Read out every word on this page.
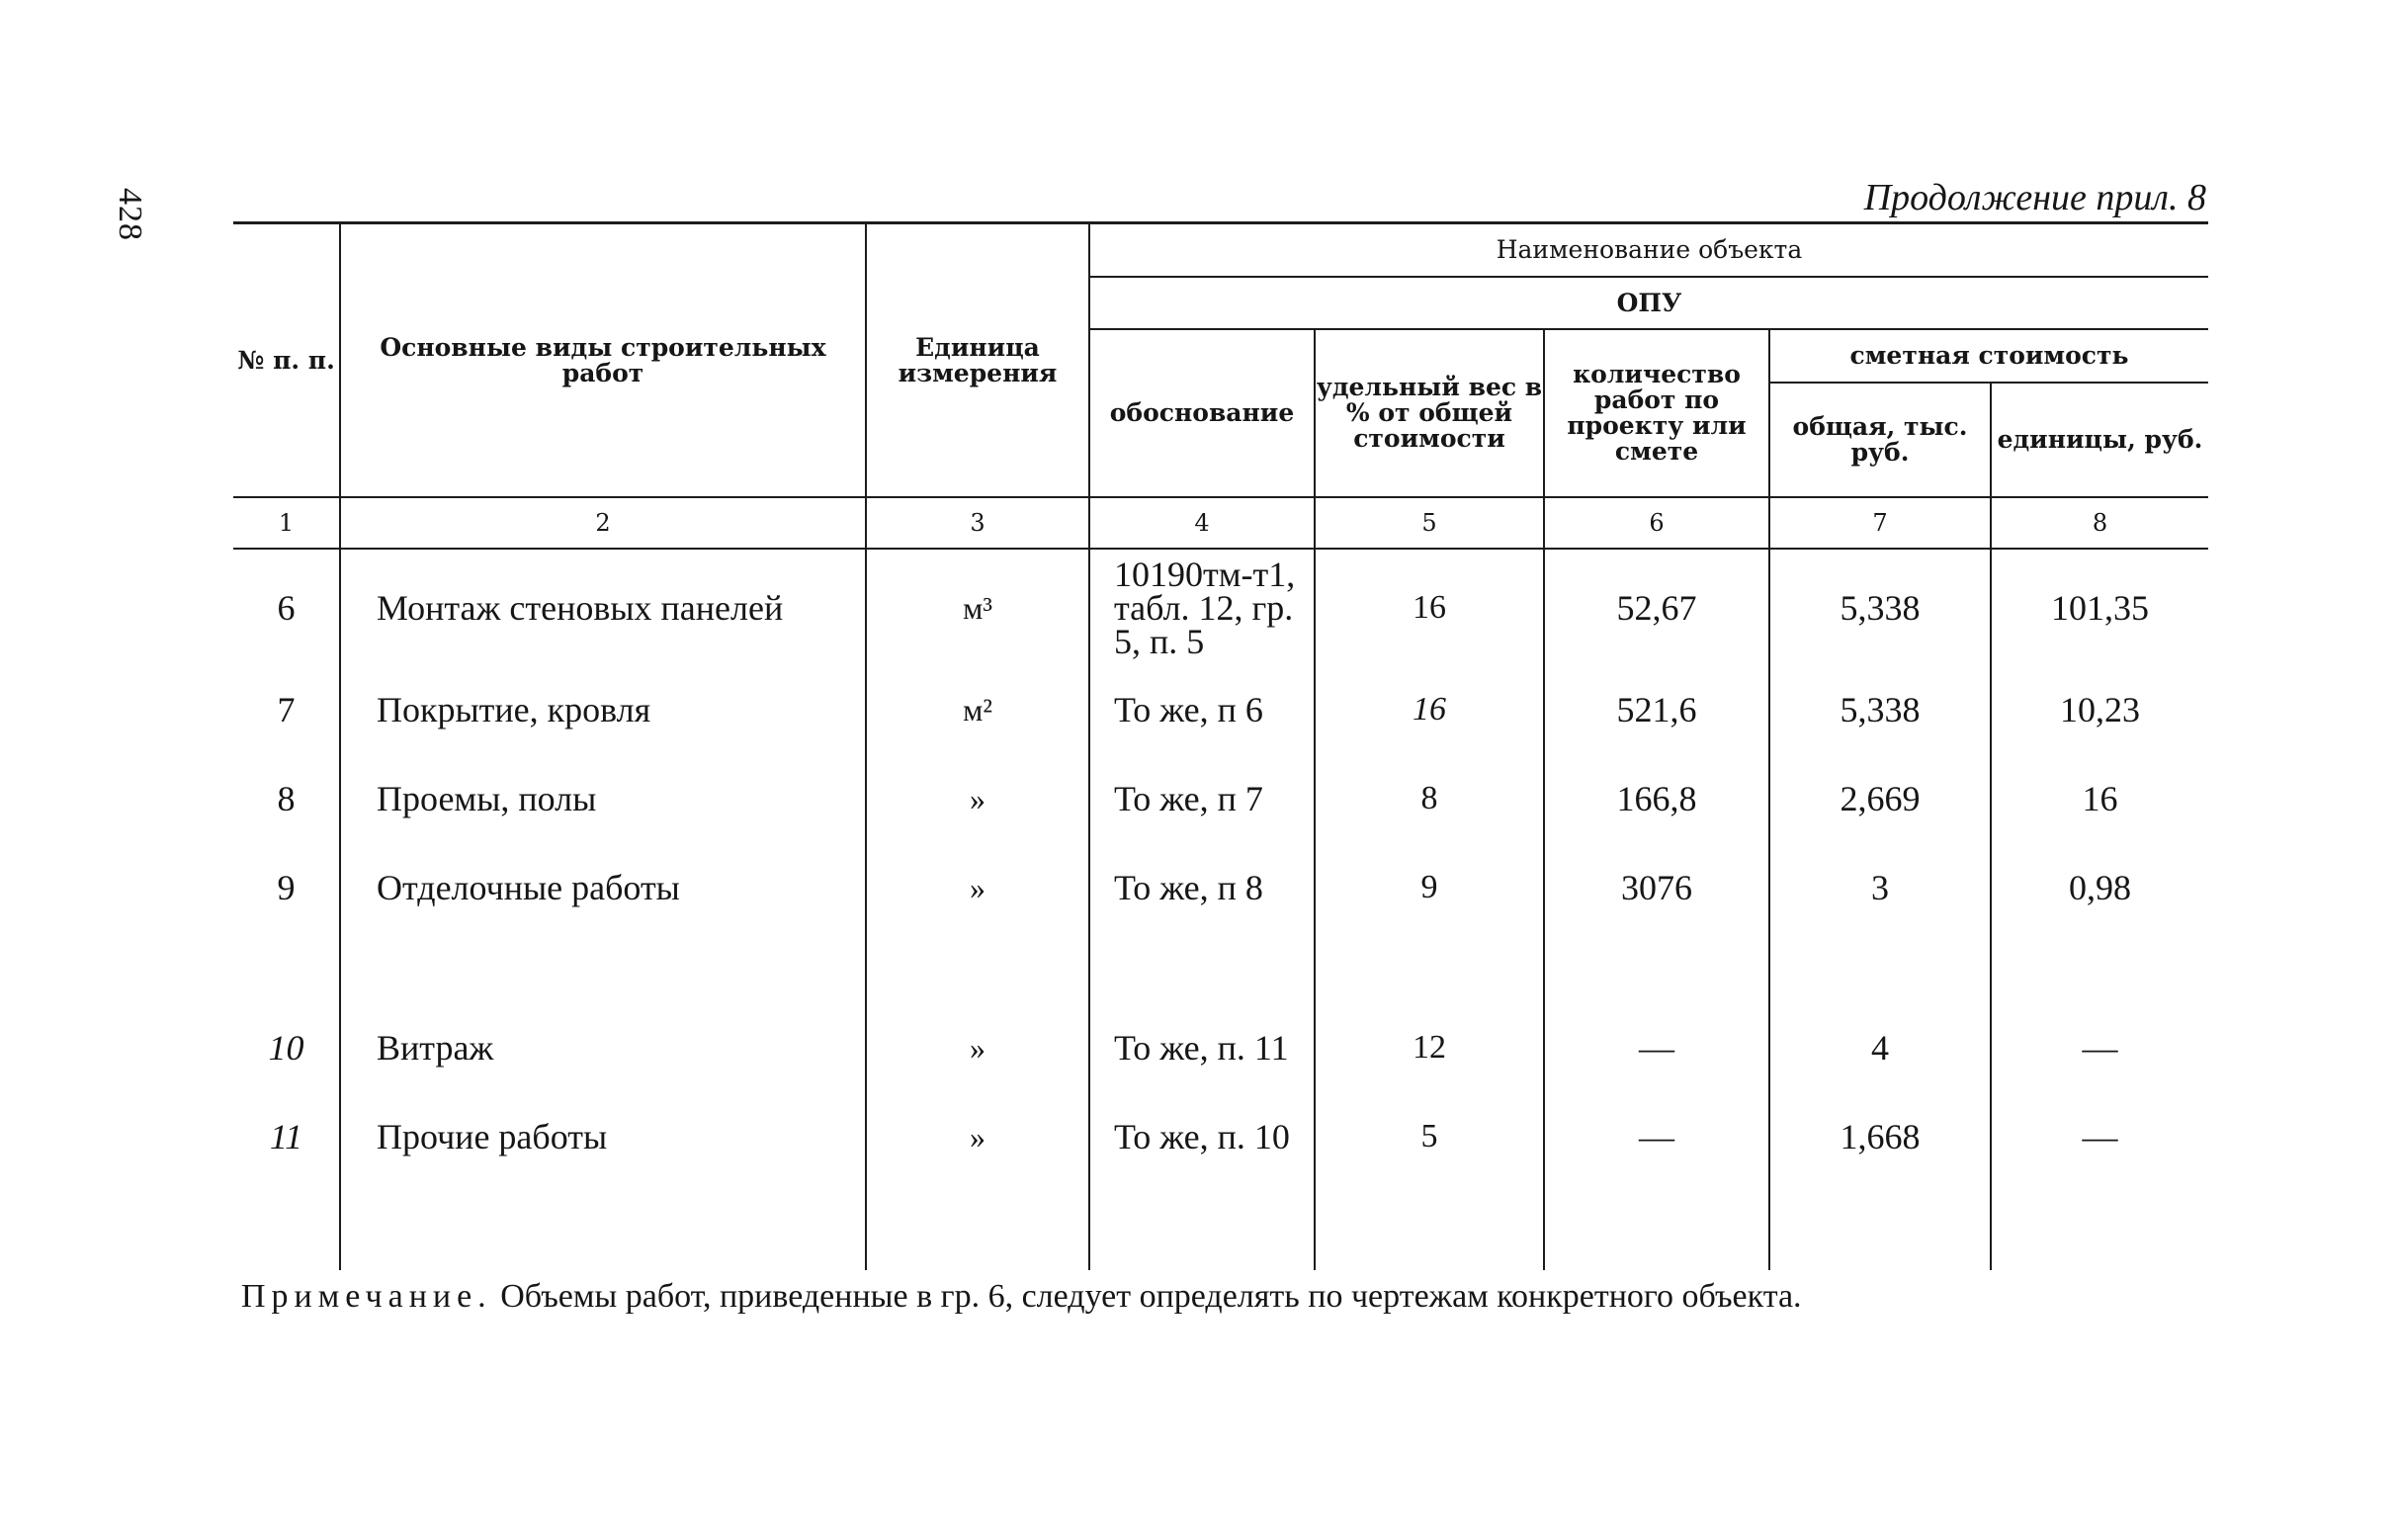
428	Продолжение прил. 8
№ п. п.	Основные виды строительных работ	Единица измерения	Наименование объекта				
			ОПУ				
			обоснование	удельный вес в % от общей стоимости	количество работ по проекту или смете	сметная стоимость	
						общая, тыс. руб.	единицы, руб.
1	2	3	4	5	6	7	8
6	Монтаж стеновых панелей	м³	10190тм-т1, табл. 12, гр. 5, п. 5	16	52,67	5,338	101,35
7	Покрытие, кровля	м²	То же, п 6	16	521,6	5,338	10,23
8	Проемы, полы	»	То же, п 7	8	166,8	2,669	16
9	Отделочные работы	»	То же, п 8	9	3076	3	0,98

10	Витраж	»	То же, п. 11	12	—	4	—
11	Прочие работы	»	То же, п. 10	5	—	1,668	—

Примечание. Объемы работ, приведенные в гр. 6, следует определять по чертежам конкретного объекта.
